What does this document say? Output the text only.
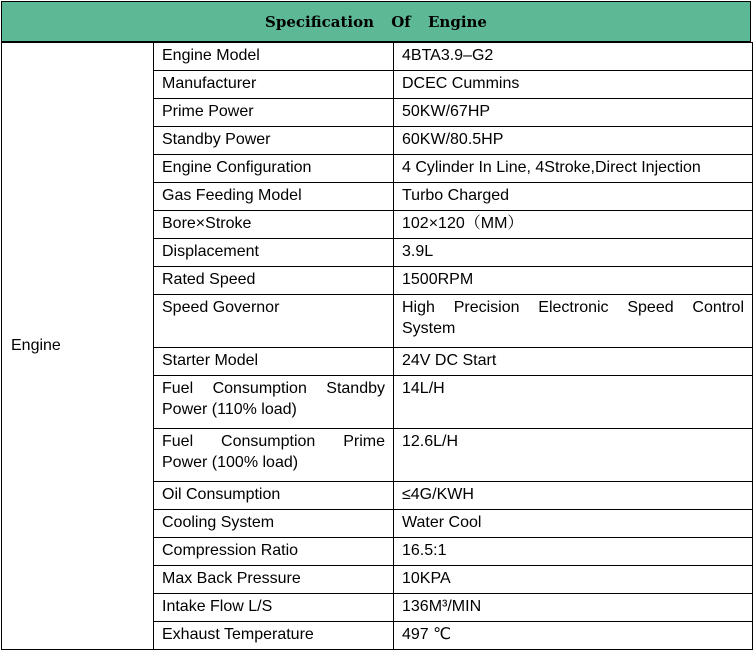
Specification Of Engine
Engine	Engine Model	4BTA3.9–G2
	Manufacturer	DCEC Cummins
	Prime Power	50KW/67HP
	Standby Power	60KW/80.5HP
	Engine Configuration	4 Cylinder In Line, 4Stroke,Direct Injection
	Gas Feeding Model	Turbo Charged
	Bore×Stroke	102×120（MM）
	Displacement	3.9L
	Rated Speed	1500RPM
	Speed Governor	High Precision Electronic Speed Control System
	Starter Model	24V DC Start
	Fuel Consumption Standby Power (110% load)	14L/H
	Fuel Consumption Prime Power (100% load)	12.6L/H
	Oil Consumption	≤4G/KWH
	Cooling System	Water Cool
	Compression Ratio	16.5:1
	Max Back Pressure	10KPA
	Intake Flow L/S	136M³/MIN
	Exhaust Temperature	497 ℃
